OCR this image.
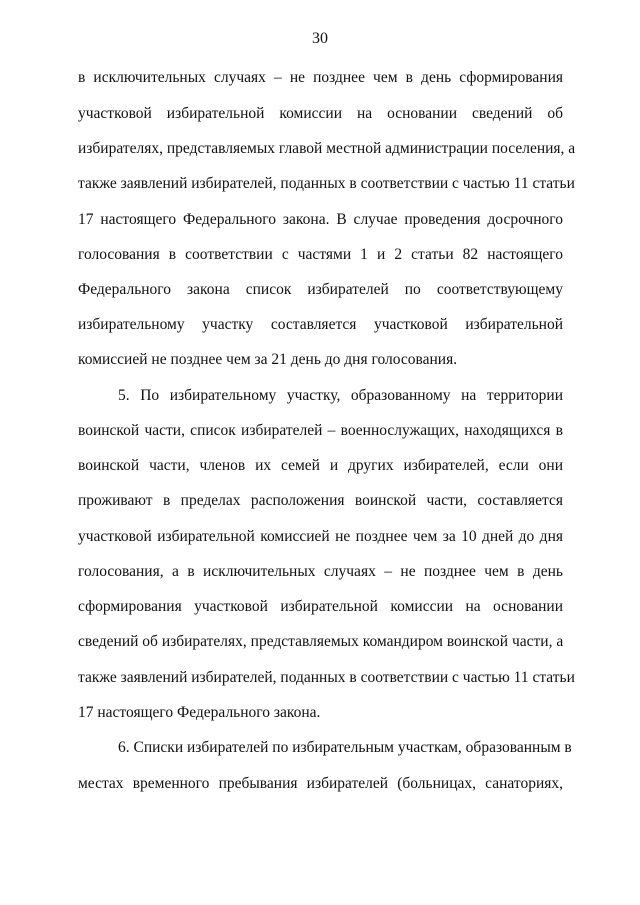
30
в исключительных случаях – не позднее чем в день сформирования
участковой избирательной комиссии на основании сведений об
избирателях, представляемых главой местной администрации поселения, а
также заявлений избирателей, поданных в соответствии с частью 11 статьи
17 настоящего Федерального закона. В случае проведения досрочного
голосования в соответствии с частями 1 и 2 статьи 82 настоящего
Федерального закона список избирателей по соответствующему
избирательному участку составляется участковой избирательной
комиссией не позднее чем за 21 день до дня голосования.
5. По избирательному участку, образованному на территории
воинской части, список избирателей – военнослужащих, находящихся в
воинской части, членов их семей и других избирателей, если они
проживают в пределах расположения воинской части, составляется
участковой избирательной комиссией не позднее чем за 10 дней до дня
голосования, а в исключительных случаях – не позднее чем в день
сформирования участковой избирательной комиссии на основании
сведений об избирателях, представляемых командиром воинской части, а
также заявлений избирателей, поданных в соответствии с частью 11 статьи
17 настоящего Федерального закона.
6. Списки избирателей по избирательным участкам, образованным в
местах временного пребывания избирателей (больницах, санаториях,
